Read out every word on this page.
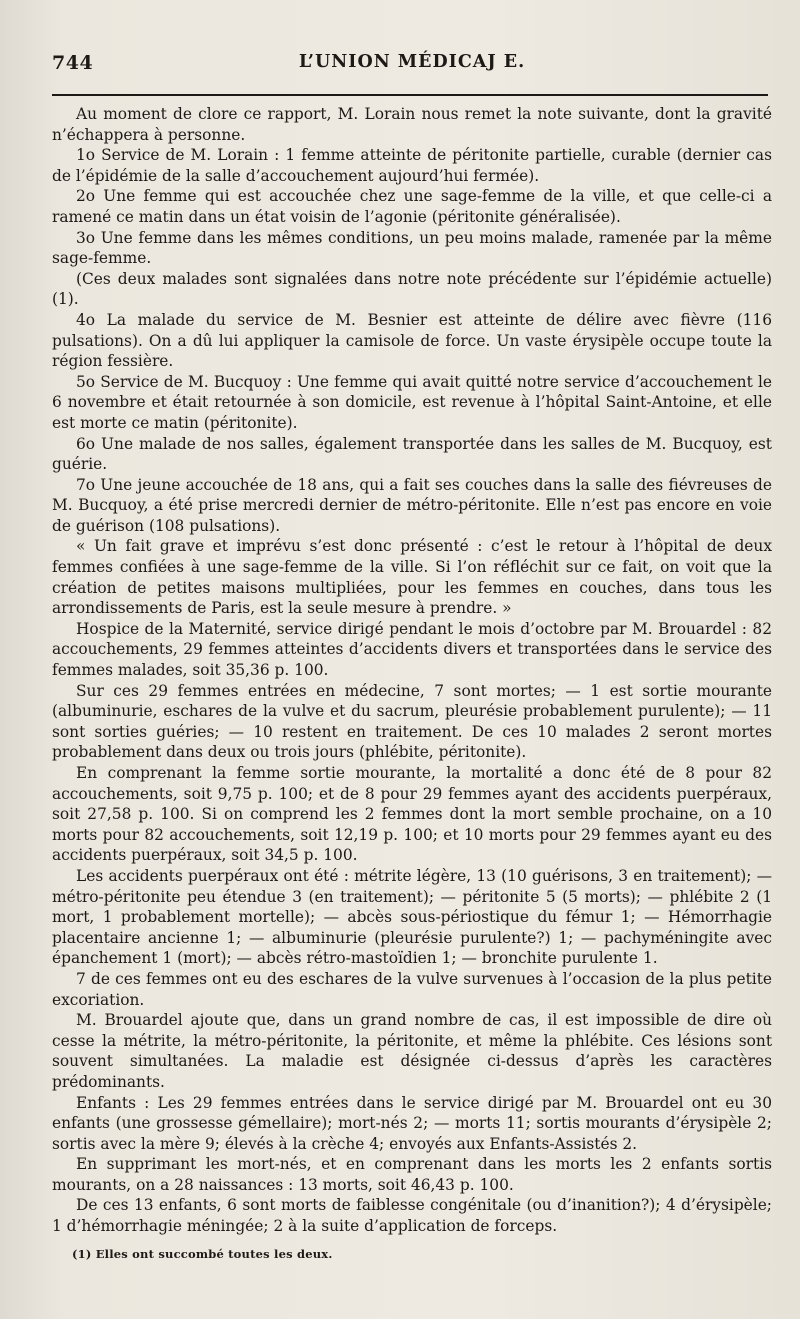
744	L’UNION MÉDICAJ E.

Au moment de clore ce rapport, M. Lorain nous remet la note suivante, dont la gravité n’échappera à personne.

1o Service de M. Lorain : 1 femme atteinte de péritonite partielle, curable (dernier cas de l’épidémie de la salle d’accouchement aujourd’hui fermée).

2o Une femme qui est accouchée chez une sage-femme de la ville, et que celle-ci a ramené ce matin dans un état voisin de l’agonie (péritonite généralisée).

3o Une femme dans les mêmes conditions, un peu moins malade, ramenée par la même sage-femme.

(Ces deux malades sont signalées dans notre note précédente sur l’épidémie actuelle) (1).

4o La malade du service de M. Besnier est atteinte de délire avec fièvre (116 pulsations). On a dû lui appliquer la camisole de force. Un vaste érysipèle occupe toute la région fessière.

5o Service de M. Bucquoy : Une femme qui avait quitté notre service d’accouchement le 6 novembre et était retournée à son domicile, est revenue à l’hôpital Saint-Antoine, et elle est morte ce matin (péritonite).

6o Une malade de nos salles, également transportée dans les salles de M. Bucquoy, est guérie.

7o Une jeune accouchée de 18 ans, qui a fait ses couches dans la salle des fiévreuses de M. Bucquoy, a été prise mercredi dernier de métro-péritonite. Elle n’est pas encore en voie de guérison (108 pulsations).

« Un fait grave et imprévu s’est donc présenté : c’est le retour à l’hôpital de deux femmes confiées à une sage-femme de la ville. Si l’on réfléchit sur ce fait, on voit que la création de petites maisons multipliées, pour les femmes en couches, dans tous les arrondissements de Paris, est la seule mesure à prendre. »

Hospice de la Maternité, service dirigé pendant le mois d’octobre par M. Brouardel : 82 accouchements, 29 femmes atteintes d’accidents divers et transportées dans le service des femmes malades, soit 35,36 p. 100.

Sur ces 29 femmes entrées en médecine, 7 sont mortes; — 1 est sortie mourante (albuminurie, eschares de la vulve et du sacrum, pleurésie probablement purulente); — 11 sont sorties guéries; — 10 restent en traitement. De ces 10 malades 2 seront mortes probablement dans deux ou trois jours (phlébite, péritonite).

En comprenant la femme sortie mourante, la mortalité a donc été de 8 pour 82 accouchements, soit 9,75 p. 100; et de 8 pour 29 femmes ayant des accidents puerpéraux, soit 27,58 p. 100. Si on comprend les 2 femmes dont la mort semble prochaine, on a 10 morts pour 82 accouchements, soit 12,19 p. 100; et 10 morts pour 29 femmes ayant eu des accidents puerpéraux, soit 34,5 p. 100.

Les accidents puerpéraux ont été : métrite légère, 13 (10 guérisons, 3 en traitement); — métro-péritonite peu étendue 3 (en traitement); — péritonite 5 (5 morts); — phlébite 2 (1 mort, 1 probablement mortelle); — abcès sous-périostique du fémur 1; — Hémorrhagie placentaire ancienne 1; — albuminurie (pleurésie purulente?) 1; — pachyméningite avec épanchement 1 (mort); — abcès rétro-mastoïdien 1; — bronchite purulente 1.

7 de ces femmes ont eu des eschares de la vulve survenues à l’occasion de la plus petite excoriation.

M. Brouardel ajoute que, dans un grand nombre de cas, il est impossible de dire où cesse la métrite, la métro-péritonite, la péritonite, et même la phlébite. Ces lésions sont souvent simultanées. La maladie est désignée ci-dessus d’après les caractères prédominants.

Enfants : Les 29 femmes entrées dans le service dirigé par M. Brouardel ont eu 30 enfants (une grossesse gémellaire); mort-nés 2; — morts 11; sortis mourants d’érysipèle 2; sortis avec la mère 9; élevés à la crèche 4; envoyés aux Enfants-Assistés 2.

En supprimant les mort-nés, et en comprenant dans les morts les 2 enfants sortis mourants, on a 28 naissances : 13 morts, soit 46,43 p. 100.

De ces 13 enfants, 6 sont morts de faiblesse congénitale (ou d’inanition?); 4 d’érysipèle; 1 d’hémorrhagie méningée; 2 à la suite d’application de forceps.

(1) Elles ont succombé toutes les deux.
